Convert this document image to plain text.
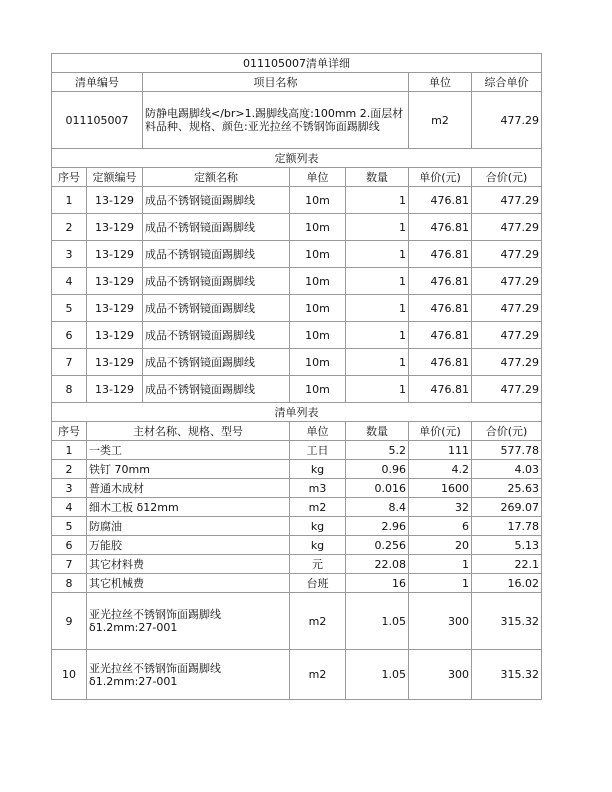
011105007清单详细						
清单编号		项目名称			单位	综合单价
011105007		防静电踢脚线</br>1.踢脚线高度:100mm 2.面层材料品种、规格、颜色:亚光拉丝不锈钢饰面踢脚线			m2	477.29
定额列表						
序号	定额编号	定额名称	单位	数量	单价(元)	合价(元)
1	13-129	成品不锈钢镜面踢脚线	10m	1	476.81	477.29
2	13-129	成品不锈钢镜面踢脚线	10m	1	476.81	477.29
3	13-129	成品不锈钢镜面踢脚线	10m	1	476.81	477.29
4	13-129	成品不锈钢镜面踢脚线	10m	1	476.81	477.29
5	13-129	成品不锈钢镜面踢脚线	10m	1	476.81	477.29
6	13-129	成品不锈钢镜面踢脚线	10m	1	476.81	477.29
7	13-129	成品不锈钢镜面踢脚线	10m	1	476.81	477.29
8	13-129	成品不锈钢镜面踢脚线	10m	1	476.81	477.29
清单列表						
序号	主材名称、规格、型号		单位	数量	单价(元)	合价(元)
1	一类工		工日	5.2	111	577.78
2	铁钉 70mm		kg	0.96	4.2	4.03
3	普通木成材		m3	0.016	1600	25.63
4	细木工板 δ12mm		m2	8.4	32	269.07
5	防腐油		kg	2.96	6	17.78
6	万能胶		kg	0.256	20	5.13
7	其它材料费		元	22.08	1	22.1
8	其它机械费		台班	16	1	16.02
9	亚光拉丝不锈钢饰面踢脚线 δ1.2mm:27-001		m2	1.05	300	315.32
10	亚光拉丝不锈钢饰面踢脚线 δ1.2mm:27-001		m2	1.05	300	315.32
